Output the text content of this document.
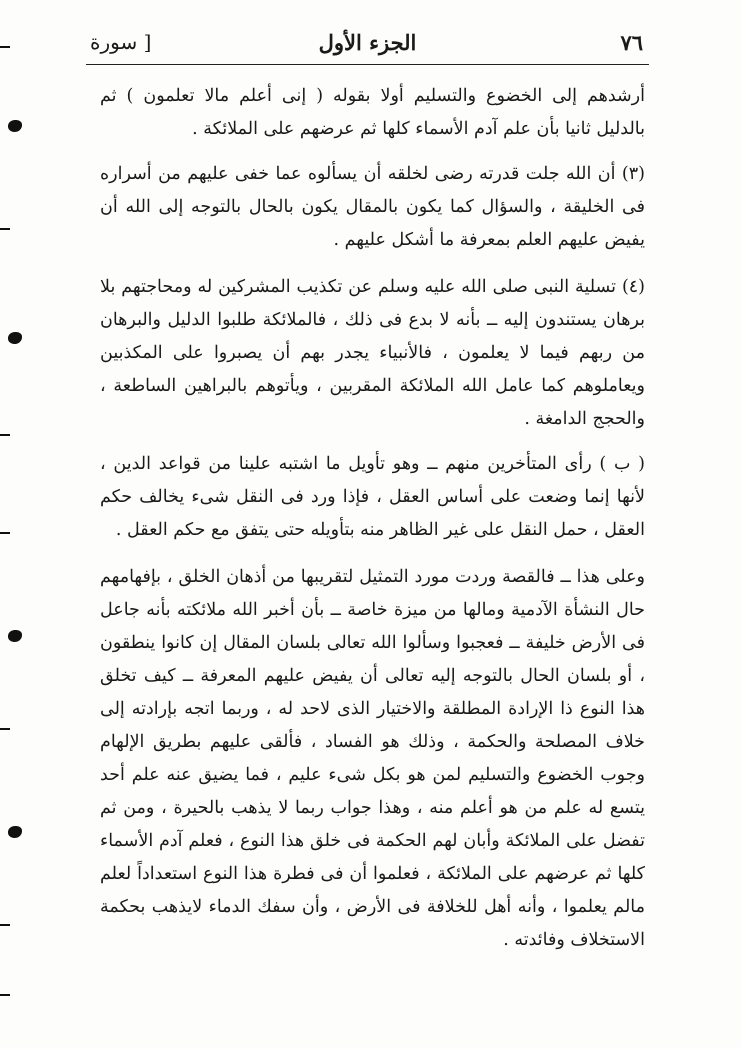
٧٦
الجزء الأول
[ سورة

أرشدهم إلى الخضوع والتسليم أولا بقوله ( إنى أعلم مالا تعلمون ) ثم بالدليل ثانيا بأن علم آدم الأسماء كلها ثم عرضهم على الملائكة .

(٣) أن الله جلت قدرته رضى لخلقه أن يسألوه عما خفى عليهم من أسراره فى الخليقة ، والسؤال كما يكون بالمقال يكون بالحال بالتوجه إلى الله أن يفيض عليهم العلم بمعرفة ما أشكل عليهم .

(٤) تسلية النبى صلى الله عليه وسلم عن تكذيب المشركين له ومحاجتهم بلا برهان يستندون إليه ــ بأنه لا بدع فى ذلك ، فالملائكة طلبوا الدليل والبرهان من ربهم فيما لا يعلمون ، فالأنبياء يجدر بهم أن يصبروا على المكذبين ويعاملوهم كما عامل الله الملائكة المقربين ، ويأتوهم بالبراهين الساطعة ، والحجج الدامغة .

( ب ) رأى المتأخرين منهم ــ وهو تأويل ما اشتبه علينا من قواعد الدين ، لأنها إنما وضعت على أساس العقل ، فإذا ورد فى النقل شىء يخالف حكم العقل ، حمل النقل على غير الظاهر منه بتأويله حتى يتفق مع حكم العقل .

وعلى هذا ــ فالقصة وردت مورد التمثيل لتقريبها من أذهان الخلق ، بإفهامهم حال النشأة الآدمية ومالها من ميزة خاصة ــ بأن أخبر الله ملائكته بأنه جاعل فى الأرض خليفة ــ فعجبوا وسألوا الله تعالى بلسان المقال إن كانوا ينطقون ، أو بلسان الحال بالتوجه إليه تعالى أن يفيض عليهم المعرفة ــ كيف تخلق هذا النوع ذا الإرادة المطلقة والاختيار الذى لاحد له ، وربما اتجه بإرادته إلى خلاف المصلحة والحكمة ، وذلك هو الفساد ، فألقى عليهم بطريق الإلهام وجوب الخضوع والتسليم لمن هو بكل شىء عليم ، فما يضيق عنه علم أحد يتسع له علم من هو أعلم منه ، وهذا جواب ربما لا يذهب بالحيرة ، ومن ثم تفضل على الملائكة وأبان لهم الحكمة فى خلق هذا النوع ، فعلم آدم الأسماء كلها ثم عرضهم على الملائكة ، فعلموا أن فى فطرة هذا النوع استعداداً لعلم مالم يعلموا ، وأنه أهل للخلافة فى الأرض ، وأن سفك الدماء لايذهب بحكمة الاستخلاف وفائدته .
